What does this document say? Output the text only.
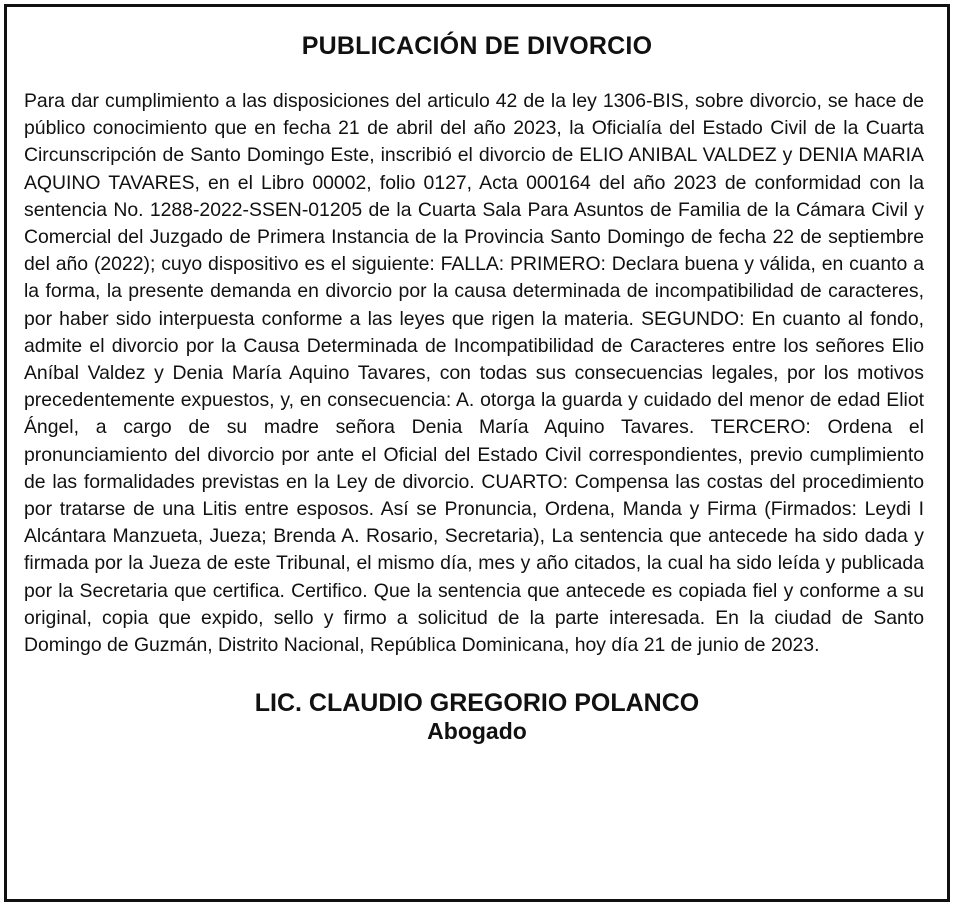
PUBLICACIÓN DE DIVORCIO
Para dar cumplimiento a las disposiciones del articulo 42 de la ley 1306-BIS, sobre divorcio, se hace de público conocimiento que en fecha 21 de abril del año 2023, la Oficialía del Estado Civil de la Cuarta Circunscripción de Santo Domingo Este, inscribió el divorcio de ELIO ANIBAL VALDEZ y DENIA MARIA AQUINO TAVARES, en el Libro 00002, folio 0127, Acta 000164 del año 2023 de conformidad con la sentencia No. 1288-2022-SSEN-01205 de la Cuarta Sala Para Asuntos de Familia de la Cámara Civil y Comercial del Juzgado de Primera Instancia de la Provincia Santo Domingo de fecha 22 de septiembre del año (2022); cuyo dispositivo es el siguiente: FALLA: PRIMERO: Declara buena y válida, en cuanto a la forma, la presente demanda en divorcio por la causa determinada de incompatibilidad de caracteres, por haber sido interpuesta conforme a las leyes que rigen la materia. SEGUNDO: En cuanto al fondo, admite el divorcio por la Causa Determinada de Incompatibilidad de Caracteres entre los señores Elio Aníbal Valdez y Denia María Aquino Tavares, con todas sus consecuencias legales, por los motivos precedentemente expuestos, y, en consecuencia: A. otorga la guarda y cuidado del menor de edad Eliot Ángel, a cargo de su madre señora Denia María Aquino Tavares. TERCERO: Ordena el pronunciamiento del divorcio por ante el Oficial del Estado Civil correspondientes, previo cumplimiento de las formalidades previstas en la Ley de divorcio. CUARTO: Compensa las costas del procedimiento por tratarse de una Litis entre esposos. Así se Pronuncia, Ordena, Manda y Firma (Firmados: Leydi I Alcántara Manzueta, Jueza; Brenda A. Rosario, Secretaria), La sentencia que antecede ha sido dada y firmada por la Jueza de este Tribunal, el mismo día, mes y año citados, la cual ha sido leída y publicada por la Secretaria que certifica. Certifico. Que la sentencia que antecede es copiada fiel y conforme a su original, copia que expido, sello y firmo a solicitud de la parte interesada. En la ciudad de Santo Domingo de Guzmán, Distrito Nacional, República Dominicana, hoy día 21 de junio de 2023.
LIC. CLAUDIO GREGORIO POLANCO
Abogado
